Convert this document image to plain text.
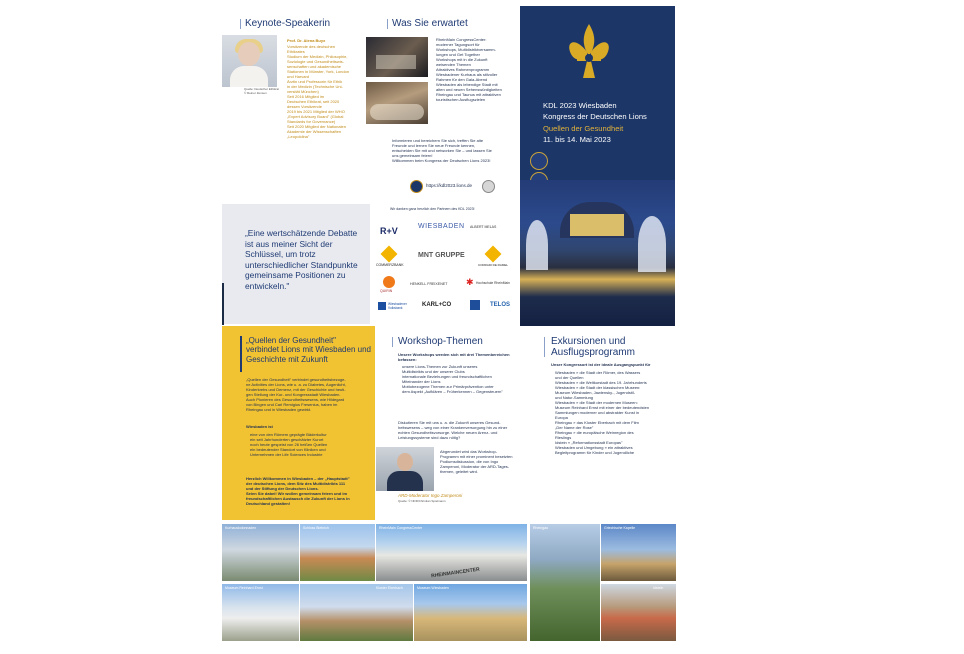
Keynote-Speakerin
Quelle: Deutscher Ethikrat
© Reiner Zensen
Prof. Dr. Alena Buyx
Vorsitzende des deutschen
Ethikrates
Studium der Medizin, Philosophie,
Soziologie und Gesundheitswis-
senschaften und akademische
Stationen in Münster, York, London
und Harvard
Ärztin und Professorin für Ethik
in der Medizin (Technische Uni-
versität München)
Seit 2016 Mitglied im
Deutschen Ethikrat, seit 2020
dessen Vorsitzende
2019 bis 2021 Mitglied der WHO
„Expert Advisory Board" (Global
Standards for Governance)
Seit 2020 Mitglied der Nationalen
Akademie der Wissenschaften
„Leopoldina"
Was Sie erwartet
RheinMain CongressCenter:
moderner Tagungsort für
Workshops, Multidistriktversamm-
lungen und Get Together
Workshops mit in die Zukunft
weisenden Themen
Attraktives Rahmenprogramm
Wiesbadener Kurhaus als stilvoller
Rahmen für den Gala-Abend
Wiesbaden als lebendige Stadt mit
alten und neuen Sehenswürdigkeiten
Rheingau und Taunus mit attraktiven
touristischen Ausflugszielen
Informieren und bereichern Sie sich, treffen Sie alte
Freunde und lernen Sie neue Freunde kennen,
entscheiden Sie mit und networken Sie – und lassen Sie
uns gemeinsam feiern!
Willkommen beim Kongress der Deutschen Lions 2023!
https://kdl2023.lions.de
„Eine wertschätzende Debatte ist aus meiner Sicht der Schlüssel, um trotz unterschiedlicher Standpunkte gemeinsame Positionen zu entwickeln."
Wir danken ganz herzlich den Partnern des KDL 2023!
R+V	WIESBADEN ALBERT MELAS
COMMERZBANK
MNT GRUPPE
CORRADI DE RAMEL
QUIRIN
HENKELL FREIXENET ✱ Hochschule RheinMain
Wiesbadener Volksbank	KARL+CO	TELOS
KDL 2023 Wiesbaden
Kongress der Deutschen Lions
Quellen der Gesundheit
11. bis 14. Mai 2023
„Quellen der Gesundheit" verbindet Lions mit Wiesbaden und Geschichte mit Zukunft
„Quellen der Gesundheit" verbindet gesundheitsbezoge-
ne Activities der Lions, wie u. a. zu Diabetes, Augenlicht,
Kinderkrebs und Demenz, mit der Geschichte und heuti-
gen Stellung der Kur- und Kongressstadt Wiesbaden.
Auch Pionieren des Gesundheitswesens, wie Hildegard
von Bingen und Carl Remigius Fresenius, haben im
Rheingau und in Wiesbaden gewirkt.
Wiesbaden ist
eine von den Römern geprägte Bäderkultur
ein seit Jahrhunderten geschätzter Kurort
noch heute gespeist von 26 heißen Quellen
ein bedeutender Standort von Kliniken und
Unternehmen der Life Sciences Industrie
Herzlich Willkommen in Wiesbaden – der „Hauptstadt"
der deutschen Lions, dem Sitz des Multidistrikts 111
und der Stiftung der Deutschen Lions.
Seien Sie dabei! Wir wollen gemeinsam feiern und im
freundschaftlichen Austausch die Zukunft der Lions in
Deutschland gestalten!
Workshop-Themen
Unsere Workshops werden sich mit drei Themenbereichen
befassen:
unsere Lions-Themen zur Zukunft unseres
Multidistrikts und der unserer Clubs
internationale Beziehungen und freundschaftlichen
Miteinander der Lions
Mottobezogene Themen zur Primärprävention unter
dem Aspekt „Aufklären – Früherkennen – Gegensteuern"
Diskutieren Sie mit uns u. a. die Zukunft unseres Gesund-
heitswesens – weg von einer Krankenversorgung hin zu einer
echten Gesundheitsvorsorge. Welche neuen Arenz- und
Leistungssysteme sind dazu nötig?
Abgerundet wird das Workshop-
Programm mit einer prominent besetzten
Podiumsdiskussion, die von Ingo
Zamperoni, Moderator der ARD-Tages-
themen, geleitet wird.
ARD-Moderator Ingo Zamperoni
Quelle: © NDR/Christian Spielmann
Exkursionen und Ausflugsprogramm
Unser Kongressort ist der ideale Ausgangspunkt für
Wiesbaden » die Stadt der Römer, des Wassers
und der Quellen
Wiesbaden » die Weltkurstadt des 19. Jahrhunderts
Wiesbaden » die Stadt der klassischen Museen:
Museum Wiesbaden, Jawlensky-, Jugendstil-
und Natur-Sammlung
Wiesbaden » die Stadt der modernen Museen:
Museum Reinhard Ernst mit einer der bedeutendsten
Sammlungen moderner und abstrakter Kunst in
Europa
Rheingau » das Kloster Eberbach mit dem Film
„Der Name der Rose"
Rheingau » die europäische Weinregion des
Rieslings
Idstein » „Reformationsstadt Europas"
Wiesbaden und Umgebung » ein attraktives
Begleitprogramm für Kinder und Jugendliche
Kurhauskolonnaden	Schloss Biebrich	RheinMain CongressCenter
RHEINMAINCENTER
Rheingau	Griechische Kapelle
Museum Reinhard Ernst	Kloster Eberbach	Museum Wiesbaden	Idstein
